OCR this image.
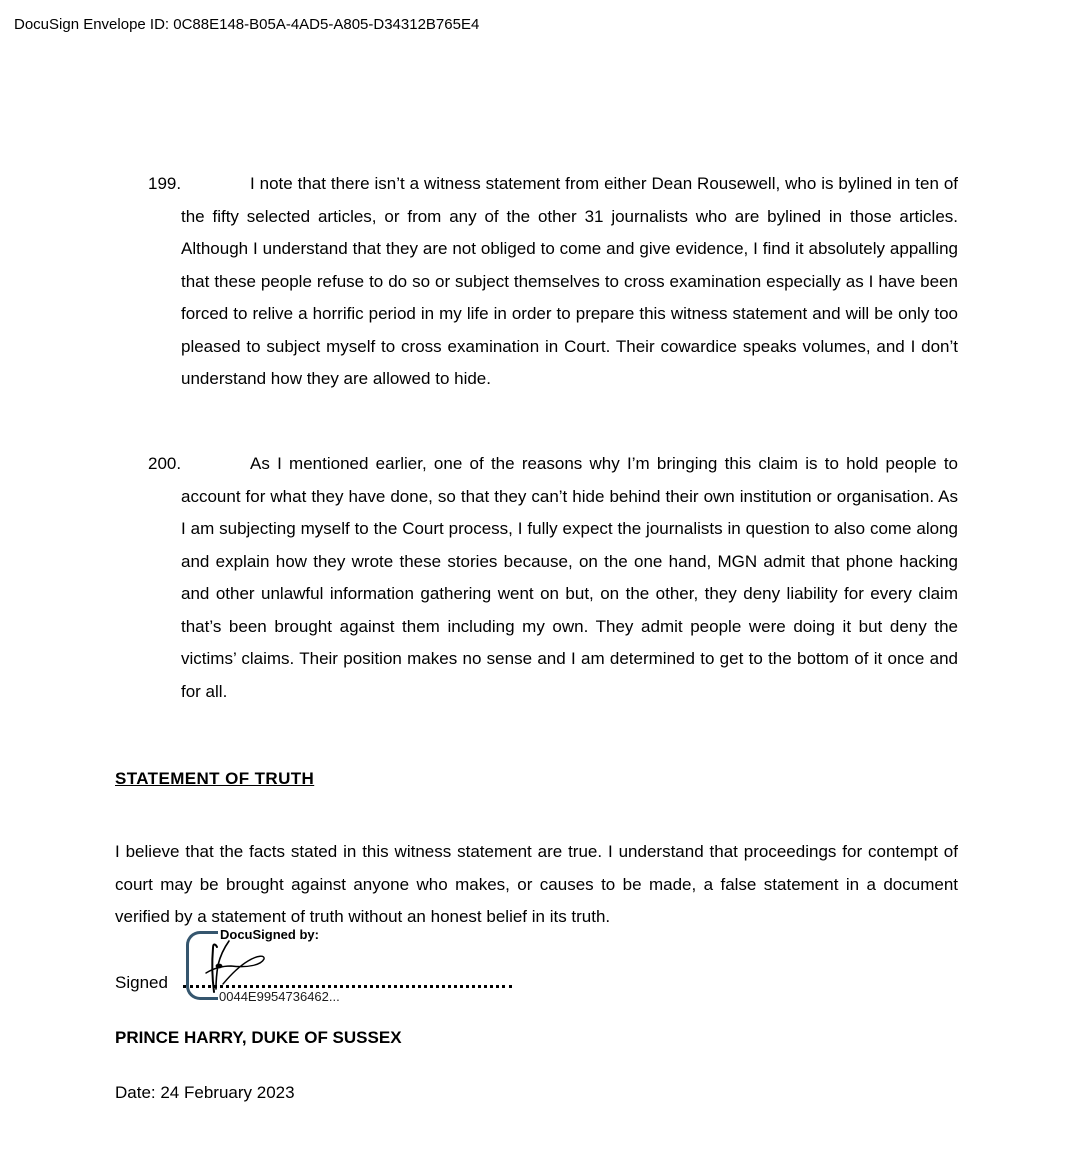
DocuSign Envelope ID: 0C88E148-B05A-4AD5-A805-D34312B765E4
199.	I note that there isn’t a witness statement from either Dean Rousewell, who is bylined in ten of the fifty selected articles, or from any of the other 31 journalists who are bylined in those articles. Although I understand that they are not obliged to come and give evidence, I find it absolutely appalling that these people refuse to do so or subject themselves to cross examination especially as I have been forced to relive a horrific period in my life in order to prepare this witness statement and will be only too pleased to subject myself to cross examination in Court. Their cowardice speaks volumes, and I don’t understand how they are allowed to hide.
200.	As I mentioned earlier, one of the reasons why I’m bringing this claim is to hold people to account for what they have done, so that they can’t hide behind their own institution or organisation. As I am subjecting myself to the Court process, I fully expect the journalists in question to also come along and explain how they wrote these stories because, on the one hand, MGN admit that phone hacking and other unlawful information gathering went on but, on the other, they deny liability for every claim that’s been brought against them including my own. They admit people were doing it but deny the victims’ claims. Their position makes no sense and I am determined to get to the bottom of it once and for all.
STATEMENT OF TRUTH
I believe that the facts stated in this witness statement are true. I understand that proceedings for contempt of court may be brought against anyone who makes, or causes to be made, a false statement in a document verified by a statement of truth without an honest belief in its truth.
Signed
DocuSigned by:
0044E9954736462...
PRINCE HARRY, DUKE OF SUSSEX
Date: 24 February 2023
